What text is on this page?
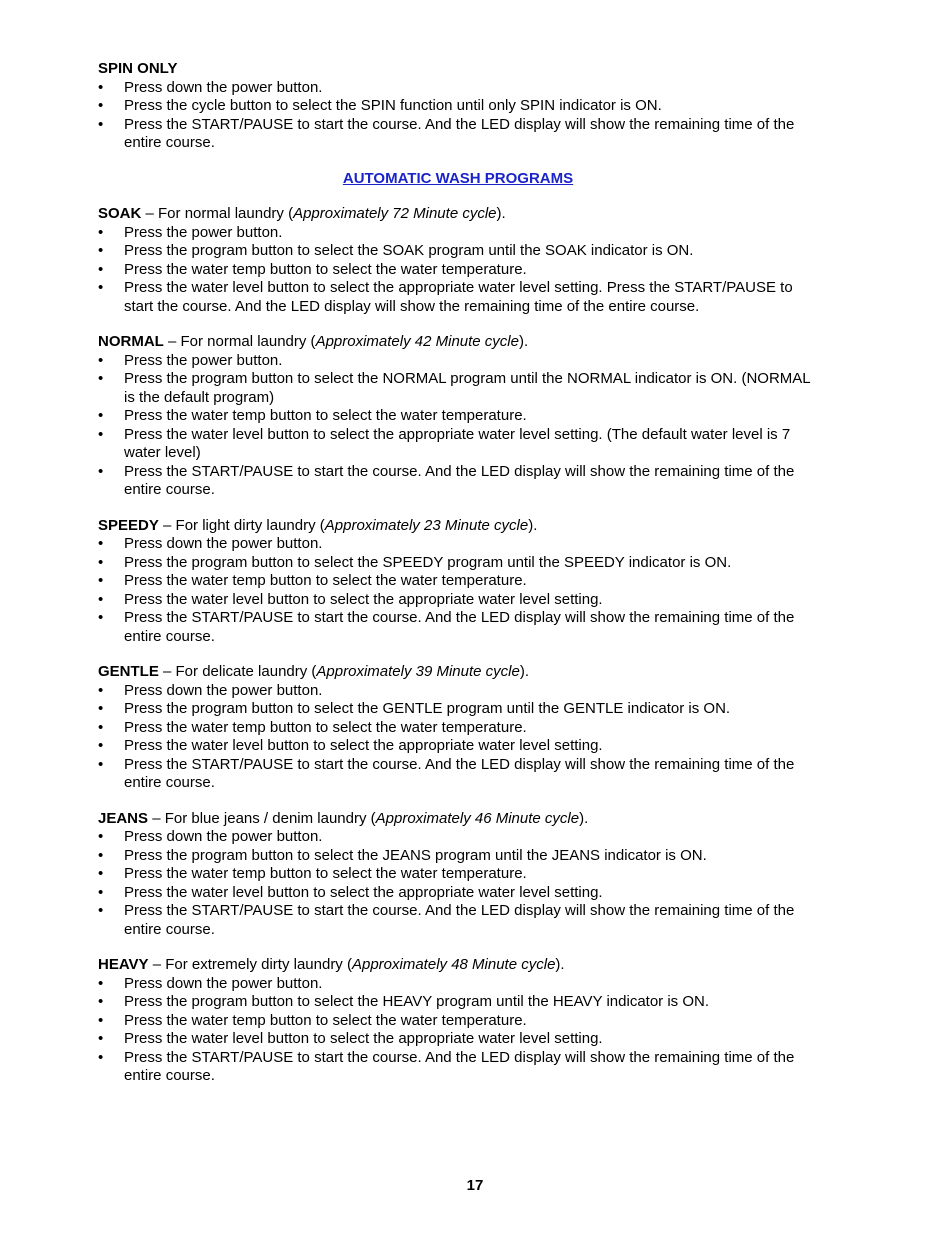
SPIN ONLY
• Press down the power button.
• Press the cycle button to select the SPIN function until only SPIN indicator is ON.
• Press the START/PAUSE to start the course. And the LED display will show the remaining time of the entire course.
AUTOMATIC WASH PROGRAMS
SOAK – For normal laundry (Approximately 72 Minute cycle).
• Press the power button.
• Press the program button to select the SOAK program until the SOAK indicator is ON.
• Press the water temp button to select the water temperature.
• Press the water level button to select the appropriate water level setting. Press the START/PAUSE to start the course. And the LED display will show the remaining time of the entire course.
NORMAL – For normal laundry (Approximately 42 Minute cycle).
• Press the power button.
• Press the program button to select the NORMAL program until the NORMAL indicator is ON. (NORMAL is the default program)
• Press the water temp button to select the water temperature.
• Press the water level button to select the appropriate water level setting. (The default water level is 7 water level)
• Press the START/PAUSE to start the course. And the LED display will show the remaining time of the entire course.
SPEEDY – For light dirty laundry (Approximately 23 Minute cycle).
• Press down the power button.
• Press the program button to select the SPEEDY program until the SPEEDY indicator is ON.
• Press the water temp button to select the water temperature.
• Press the water level button to select the appropriate water level setting.
• Press the START/PAUSE to start the course. And the LED display will show the remaining time of the entire course.
GENTLE – For delicate laundry (Approximately 39 Minute cycle).
• Press down the power button.
• Press the program button to select the GENTLE program until the GENTLE indicator is ON.
• Press the water temp button to select the water temperature.
• Press the water level button to select the appropriate water level setting.
• Press the START/PAUSE to start the course. And the LED display will show the remaining time of the entire course.
JEANS – For blue jeans / denim laundry (Approximately 46 Minute cycle).
• Press down the power button.
• Press the program button to select the JEANS program until the JEANS indicator is ON.
• Press the water temp button to select the water temperature.
• Press the water level button to select the appropriate water level setting.
• Press the START/PAUSE to start the course. And the LED display will show the remaining time of the entire course.
HEAVY – For extremely dirty laundry (Approximately 48 Minute cycle).
• Press down the power button.
• Press the program button to select the HEAVY program until the HEAVY indicator is ON.
• Press the water temp button to select the water temperature.
• Press the water level button to select the appropriate water level setting.
• Press the START/PAUSE to start the course. And the LED display will show the remaining time of the entire course.
17
